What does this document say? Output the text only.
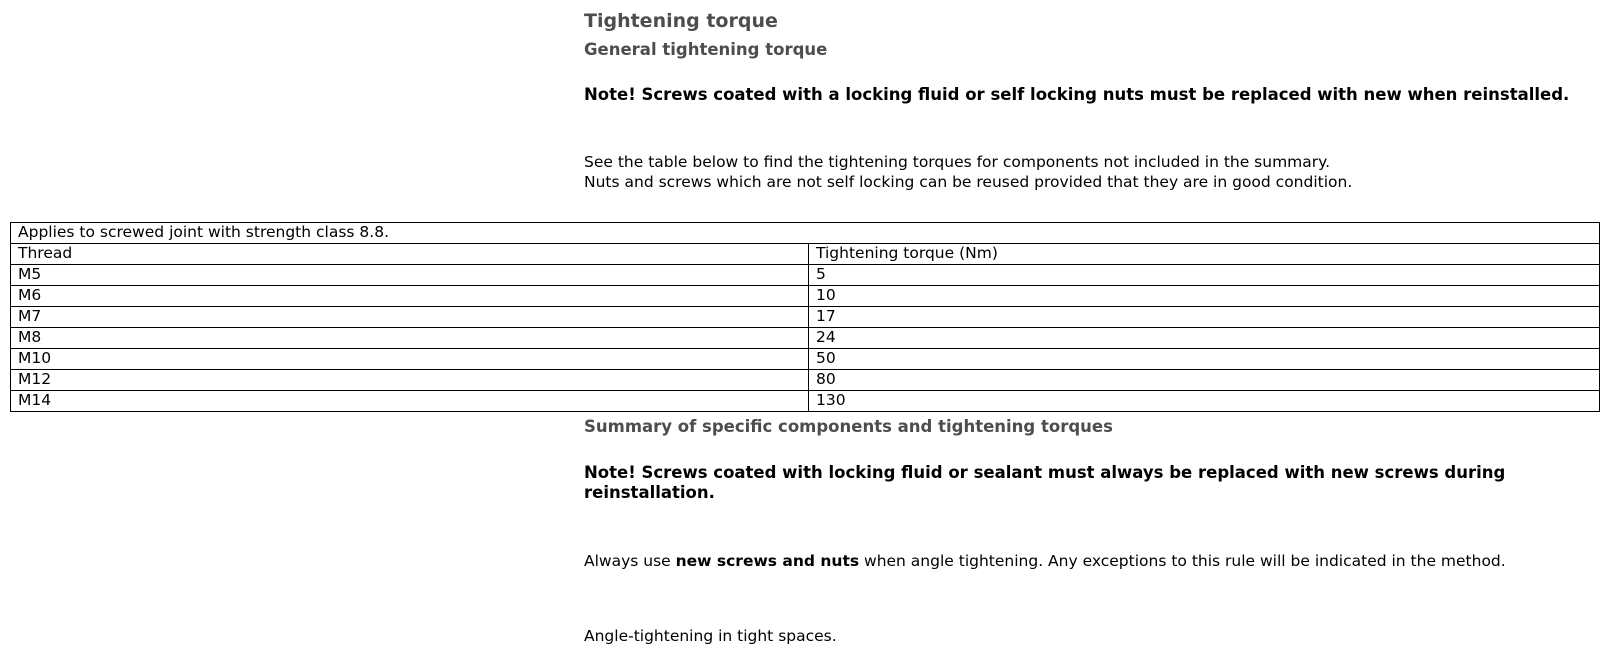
Tightening torque
General tightening torque
Note! Screws coated with a locking fluid or self locking nuts must be replaced with new when reinstalled.
See the table below to find the tightening torques for components not included in the summary.
Nuts and screws which are not self locking can be reused provided that they are in good condition.
Applies to screwed joint with strength class 8.8.	
Thread	Tightening torque (Nm)
M5	5
M6	10
M7	17
M8	24
M10	50
M12	80
M14	130
Summary of specific components and tightening torques
Note! Screws coated with locking fluid or sealant must always be replaced with new screws during reinstallation.
Always use new screws and nuts when angle tightening. Any exceptions to this rule will be indicated in the method.
Angle-tightening in tight spaces.
